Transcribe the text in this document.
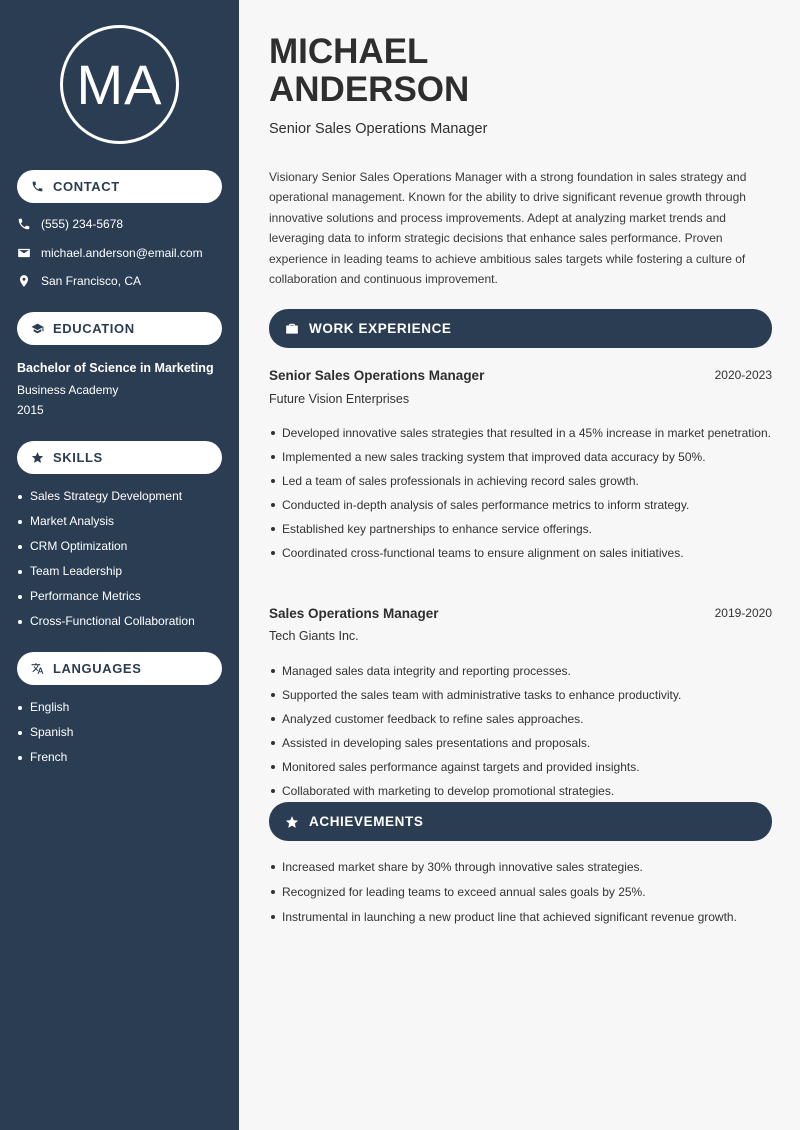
MA
CONTACT
(555) 234-5678
michael.anderson@email.com
San Francisco, CA
EDUCATION
Bachelor of Science in Marketing
Business Academy
2015
SKILLS
Sales Strategy Development
Market Analysis
CRM Optimization
Team Leadership
Performance Metrics
Cross-Functional Collaboration
LANGUAGES
English
Spanish
French
MICHAEL
ANDERSON
Senior Sales Operations Manager

Visionary Senior Sales Operations Manager with a strong foundation in sales strategy and operational management. Known for the ability to drive significant revenue growth through innovative solutions and process improvements. Adept at analyzing market trends and leveraging data to inform strategic decisions that enhance sales performance. Proven experience in leading teams to achieve ambitious sales targets while fostering a culture of collaboration and continuous improvement.

WORK EXPERIENCE
Senior Sales Operations Manager	2020-2023
Future Vision Enterprises
Developed innovative sales strategies that resulted in a 45% increase in market penetration.
Implemented a new sales tracking system that improved data accuracy by 50%.
Led a team of sales professionals in achieving record sales growth.
Conducted in-depth analysis of sales performance metrics to inform strategy.
Established key partnerships to enhance service offerings.
Coordinated cross-functional teams to ensure alignment on sales initiatives.
Sales Operations Manager	2019-2020
Tech Giants Inc.
Managed sales data integrity and reporting processes.
Supported the sales team with administrative tasks to enhance productivity.
Analyzed customer feedback to refine sales approaches.
Assisted in developing sales presentations and proposals.
Monitored sales performance against targets and provided insights.
Collaborated with marketing to develop promotional strategies.
ACHIEVEMENTS
Increased market share by 30% through innovative sales strategies.
Recognized for leading teams to exceed annual sales goals by 25%.
Instrumental in launching a new product line that achieved significant revenue growth.
